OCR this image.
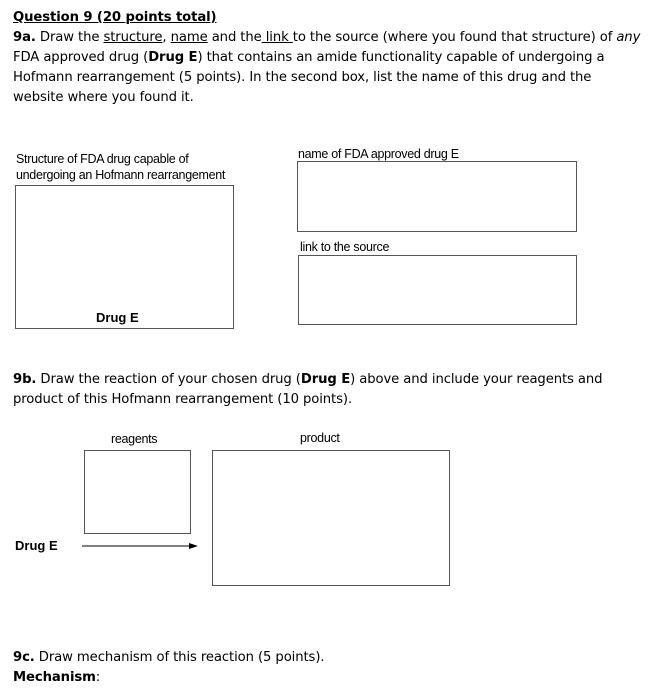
Question 9 (20 points total)
9a. Draw the structure, name and the link to the source (where you found that structure) of any
FDA approved drug (Drug E) that contains an amide functionality capable of undergoing a
Hofmann rearrangement (5 points). In the second box, list the name of this drug and the
website where you found it.
Structure of FDA drug capable of
undergoing an Hofmann rearrangement
Drug E
name of FDA approved drug E
link to the source
9b. Draw the reaction of your chosen drug (Drug E) above and include your reagents and
product of this Hofmann rearrangement (10 points).
reagents	product
Drug E
9c. Draw mechanism of this reaction (5 points).
Mechanism:
